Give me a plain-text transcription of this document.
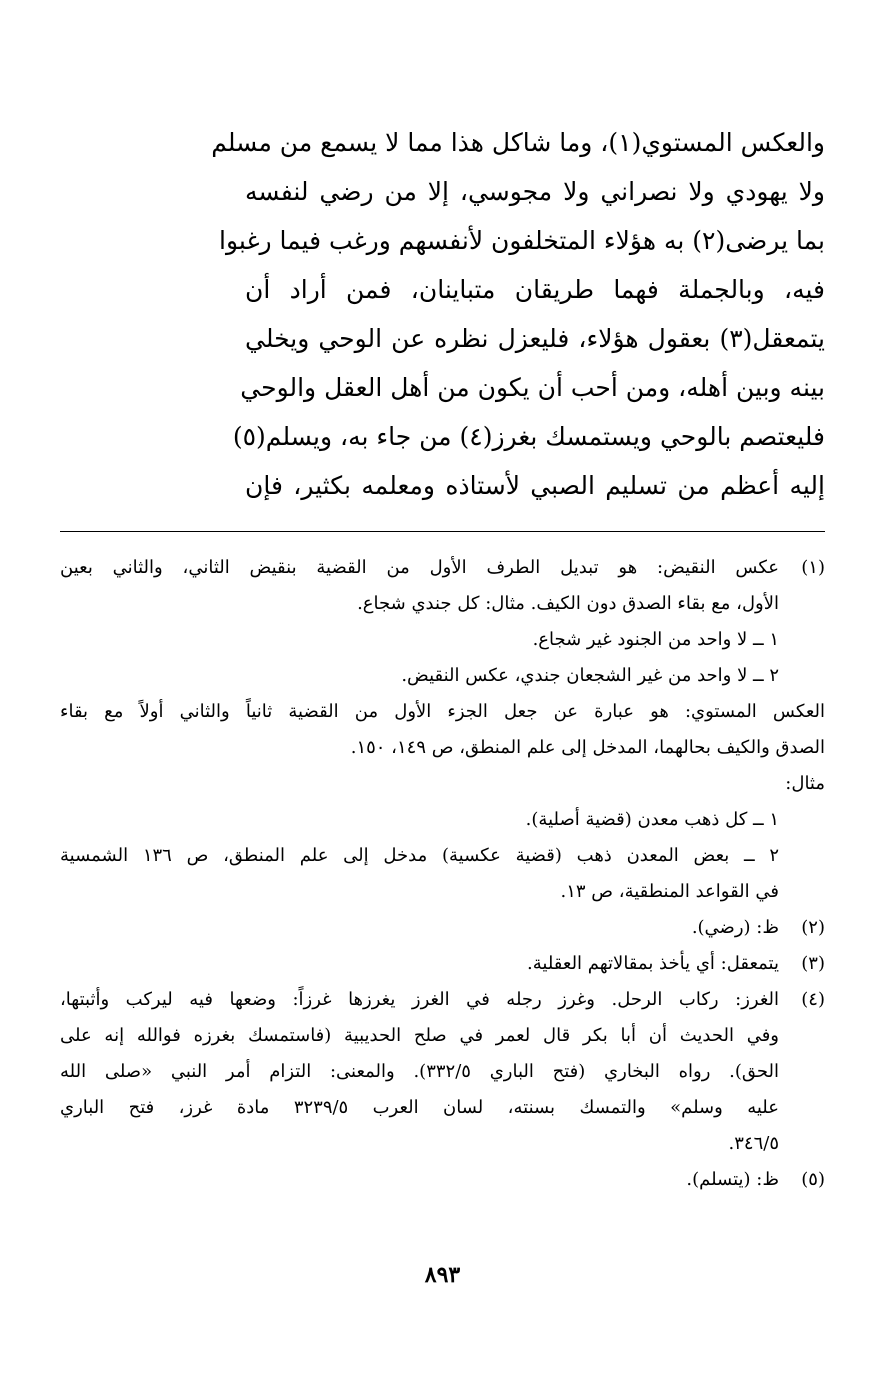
والعكس المستوي(١)، وما شاكل هذا مما لا يسمع من مسلم
ولا يهودي ولا نصراني ولا مجوسي، إلا من رضي لنفسه
بما يرضى(٢) به هؤلاء المتخلفون لأنفسهم ورغب فيما رغبوا
فيه، وبالجملة فهما طريقان متباينان، فمن أراد أن
يتمعقل(٣) بعقول هؤلاء، فليعزل نظره عن الوحي ويخلي
بينه وبين أهله، ومن أحب أن يكون من أهل العقل والوحي
فليعتصم بالوحي ويستمسك بغرز(٤) من جاء به، ويسلم(٥)
إليه أعظم من تسليم الصبي لأستاذه ومعلمه بكثير، فإن
(١)
عكس النقيض: هو تبديل الطرف الأول من القضية بنقيض الثاني، والثاني بعين
الأول، مع بقاء الصدق دون الكيف. مثال: كل جندي شجاع.
١ ــ لا واحد من الجنود غير شجاع.
٢ ــ لا واحد من غير الشجعان جندي، عكس النقيض.
العكس المستوي: هو عبارة عن جعل الجزء الأول من القضية ثانياً والثاني أولاً مع بقاء
الصدق والكيف بحالهما، المدخل إلى علم المنطق، ص ١٤٩، ١٥٠.
مثال:
١ ــ كل ذهب معدن (قضية أصلية).
٢ ــ بعض المعدن ذهب (قضية عكسية) مدخل إلى علم المنطق، ص ١٣٦ الشمسية
في القواعد المنطقية، ص ١٣.
(٢)
ظ: (رضي).
(٣)
يتمعقل: أي يأخذ بمقالاتهم العقلية.
(٤)
الغرز: ركاب الرحل. وغرز رجله في الغرز يغرزها غرزاً: وضعها فيه ليركب وأثبتها،
وفي الحديث أن أبا بكر قال لعمر في صلح الحديبية (فاستمسك بغرزه فوالله إنه على
الحق). رواه البخاري (فتح الباري ٣٣٢/٥). والمعنى: التزام أمر النبي «صلى الله
عليه وسلم» والتمسك بسنته، لسان العرب ٣٢٣٩/٥ مادة غرز، فتح الباري
٣٤٦/٥.
(٥)
ظ: (يتسلم).
٨٩٣
